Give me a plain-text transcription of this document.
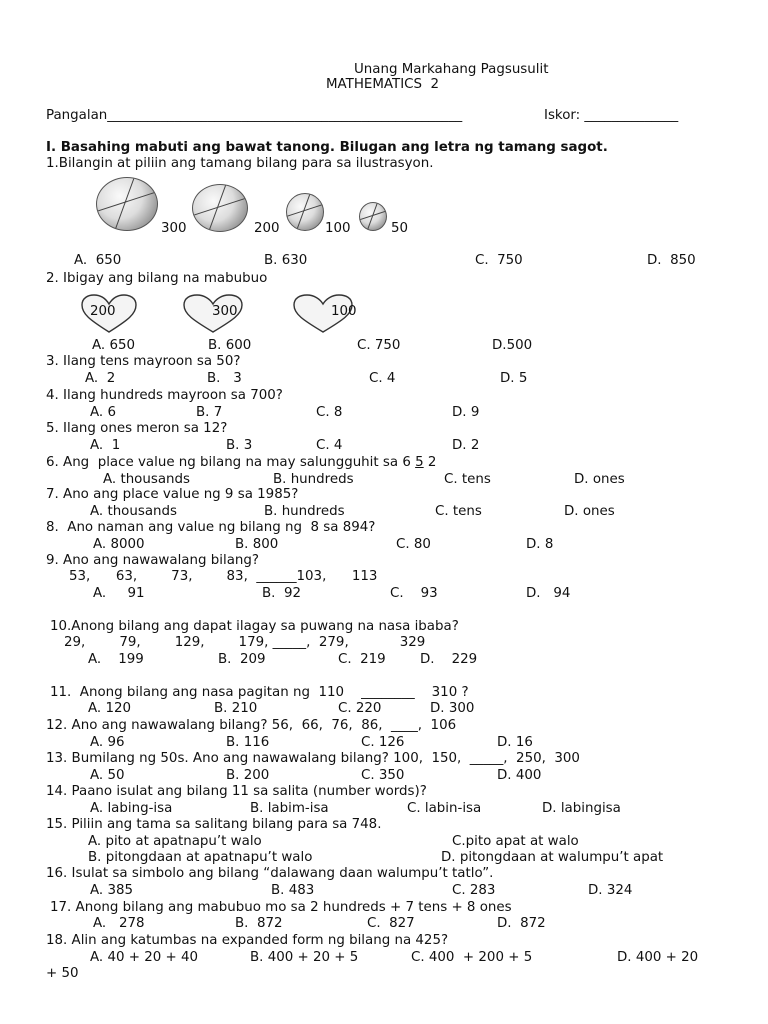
Unang Markahang Pagsusulit
MATHEMATICS  2
Pangalan_____________________________________________________	Iskor: ______________
I. Basahing mabuti ang bawat tanong. Bilugan ang letra ng tamang sagot.
1.Bilangin at piliin ang tamang bilang para sa ilustrasyon.
300	200	100	50
A.  650	B. 630	C.  750	D.  850
2. Ibigay ang bilang na mabubuo
200	300	100
A. 650	B. 600	C. 750	D.500
3. Ilang tens mayroon sa 50?
A.  2	B.   3	C. 4	D. 5
4. Ilang hundreds mayroon sa 700?
A. 6	B. 7	C. 8	D. 9
5. Ilang ones meron sa 12?
A.  1	B. 3	C. 4	D. 2
6. Ang  place value ng bilang na may salungguhit sa 6 5 2
A. thousands	B. hundreds	C. tens	D. ones
7. Ano ang place value ng 9 sa 1985?
A. thousands	B. hundreds	C. tens	D. ones
8.  Ano naman ang value ng bilang ng  8 sa 894?
A. 8000	B. 800	C. 80	D. 8
9. Ano ang nawawalang bilang?
53,      63,        73,        83,  ______103,      113
A.     91	B.  92	C.    93	D.   94
10.Anong bilang ang dapat ilagay sa puwang na nasa ibaba?
29,        79,        129,        179, _____,  279,            329
A.    199	B.  209	C.  219	D.    229
11.  Anong bilang ang nasa pagitan ng  110    ________    310 ?
A. 120	B. 210	C. 220	D. 300
12. Ano ang nawawalang bilang? 56,  66,  76,  86,  ____,  106
A. 96	B. 116	C. 126	D. 16
13. Bumilang ng 50s. Ano ang nawawalang bilang? 100,  150,  _____,  250,  300
A. 50	B. 200	C. 350	D. 400
14. Paano isulat ang bilang 11 sa salita (number words)?
A. labing-isa	B. labim-isa	C. labin-isa	D. labingisa
15. Piliin ang tama sa salitang bilang para sa 748.
A. pito at apatnapu’t walo	C.pito apat at walo
B. pitongdaan at apatnapu’t walo	D. pitongdaan at walumpu’t apat
16. Isulat sa simbolo ang bilang “dalawang daan walumpu’t tatlo”.
A. 385	B. 483	C. 283	D. 324
17. Anong bilang ang mabubuo mo sa 2 hundreds + 7 tens + 8 ones
A.   278	B.  872	C.  827	D.  872
18. Alin ang katumbas na expanded form ng bilang na 425?
A. 40 + 20 + 40	B. 400 + 20 + 5	C. 400  + 200 + 5	D. 400 + 20
+ 50
